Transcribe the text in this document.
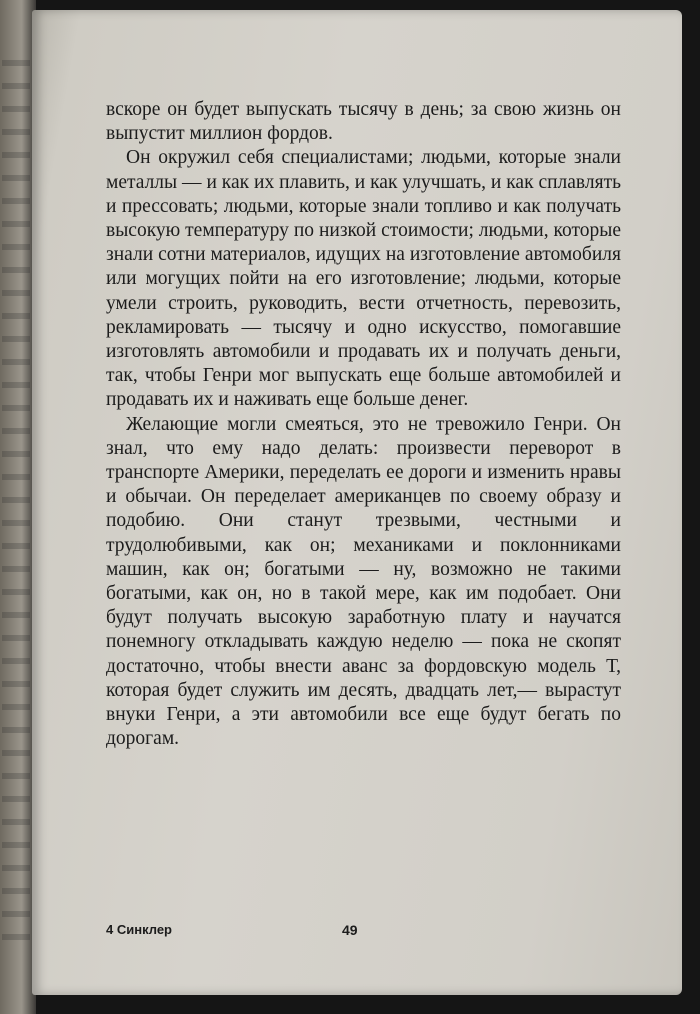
вскоре он будет выпускать тысячу в день; за свою жизнь он выпустит миллион фордов.

Он окружил себя специалистами; людьми, которые знали металлы — и как их плавить, и как улучшать, и как сплавлять и прессовать; людьми, которые знали топливо и как получать высокую температуру по низкой стоимости; людьми, которые знали сотни материалов, идущих на изготовление автомобиля или могущих пойти на его изготовление; людьми, которые умели строить, руководить, вести отчетность, перевозить, рекламировать — тысячу и одно искусство, помогавшие изготовлять автомобили и продавать их и получать деньги, так, чтобы Генри мог выпускать еще больше автомобилей и продавать их и наживать еще больше денег.

Желающие могли смеяться, это не тревожило Генри. Он знал, что ему надо делать: произвести переворот в транспорте Америки, переделать ее дороги и изменить нравы и обычаи. Он переделает американцев по своему образу и подобию. Они станут трезвыми, честными и трудолюбивыми, как он; механиками и поклонниками машин, как он; богатыми — ну, возможно не такими богатыми, как он, но в такой мере, как им подобает. Они будут получать высокую заработную плату и научатся понемногу откладывать каждую неделю — пока не скопят достаточно, чтобы внести аванс за фордовскую модель Т, которая будет служить им десять, двадцать лет,— вырастут внуки Генри, а эти автомобили все еще будут бегать по дорогам.

4 Синклер	49
